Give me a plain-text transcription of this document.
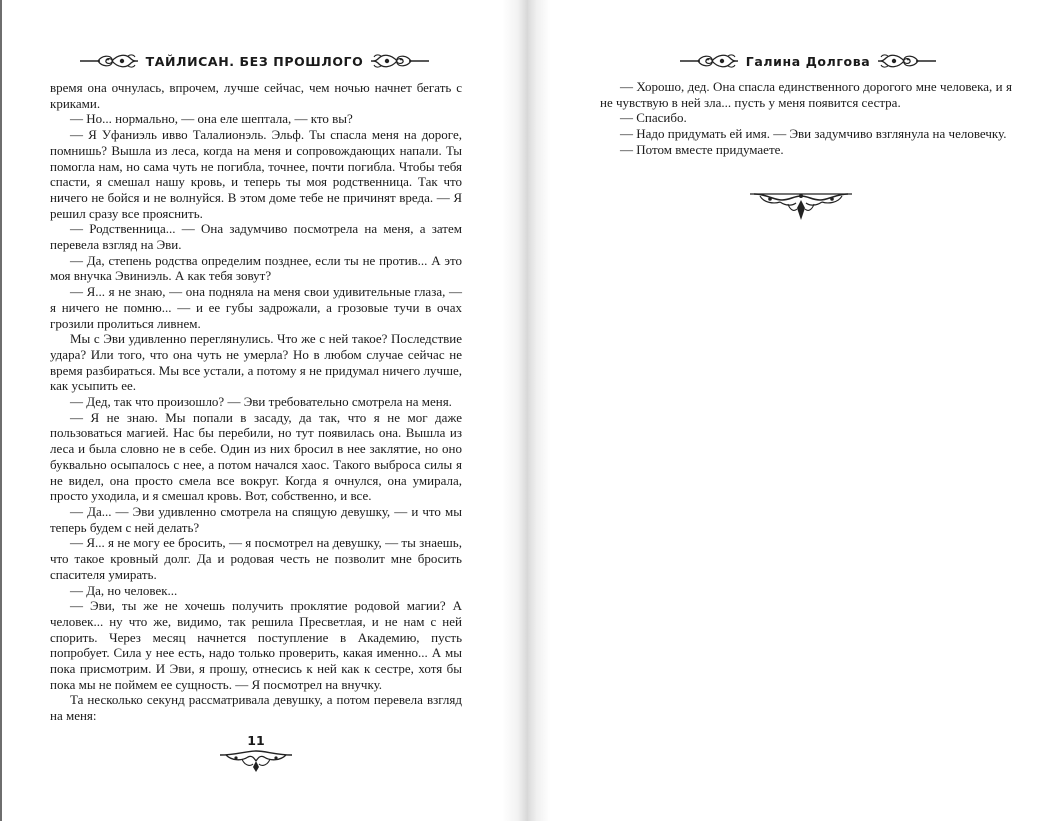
ТАЙЛИСАН. БЕЗ ПРОШЛОГО

время она очнулась, впрочем, лучше сейчас, чем ночью начнет бегать с криками.

— Но... нормально, — она еле шептала, — кто вы?

— Я Уфаниэль ивво Талалионэль. Эльф. Ты спасла меня на дороге, помнишь? Вышла из леса, когда на меня и сопровождающих напали. Ты помогла нам, но сама чуть не погибла, точнее, почти погибла. Чтобы тебя спасти, я смешал нашу кровь, и теперь ты моя родственница. Так что ничего не бойся и не волнуйся. В этом доме тебе не причинят вреда. — Я решил сразу все прояснить.

— Родственница... — Она задумчиво посмотрела на меня, а затем перевела взгляд на Эви.

— Да, степень родства определим позднее, если ты не против... А это моя внучка Эвиниэль. А как тебя зовут?

— Я... я не знаю, — она подняла на меня свои удивительные глаза, — я ничего не помню... — и ее губы задрожали, а грозовые тучи в очах грозили пролиться ливнем.

Мы с Эви удивленно переглянулись. Что же с ней такое? Последствие удара? Или того, что она чуть не умерла? Но в любом случае сейчас не время разбираться. Мы все устали, а потому я не придумал ничего лучше, как усыпить ее.

— Дед, так что произошло? — Эви требовательно смотрела на меня.

— Я не знаю. Мы попали в засаду, да так, что я не мог даже пользоваться магией. Нас бы перебили, но тут появилась она. Вышла из леса и была словно не в себе. Один из них бросил в нее заклятие, но оно буквально осыпалось с нее, а потом начался хаос. Такого выброса силы я не видел, она просто смела все вокруг. Когда я очнулся, она умирала, просто уходила, и я смешал кровь. Вот, собственно, и все.

— Да... — Эви удивленно смотрела на спящую девушку, — и что мы теперь будем с ней делать?

— Я... я не могу ее бросить, — я посмотрел на девушку, — ты знаешь, что такое кровный долг. Да и родовая честь не позволит мне бросить спасителя умирать.

— Да, но человек...

— Эви, ты же не хочешь получить проклятие родовой магии? А человек... ну что же, видимо, так решила Пресветлая, и не нам с ней спорить. Через месяц начнется поступление в Академию, пусть попробует. Сила у нее есть, надо только проверить, какая именно... А мы пока присмотрим. И Эви, я прошу, отнесись к ней как к сестре, хотя бы пока мы не поймем ее сущность. — Я посмотрел на внучку.

Та несколько секунд рассматривала девушку, а потом перевела взгляд на меня:

11
Галина Долгова

— Хорошо, дед. Она спасла единственного дорогого мне человека, и я не чувствую в ней зла... пусть у меня появится сестра.

— Спасибо.

— Надо придумать ей имя. — Эви задумчиво взглянула на человечку.

— Потом вместе придумаете.
